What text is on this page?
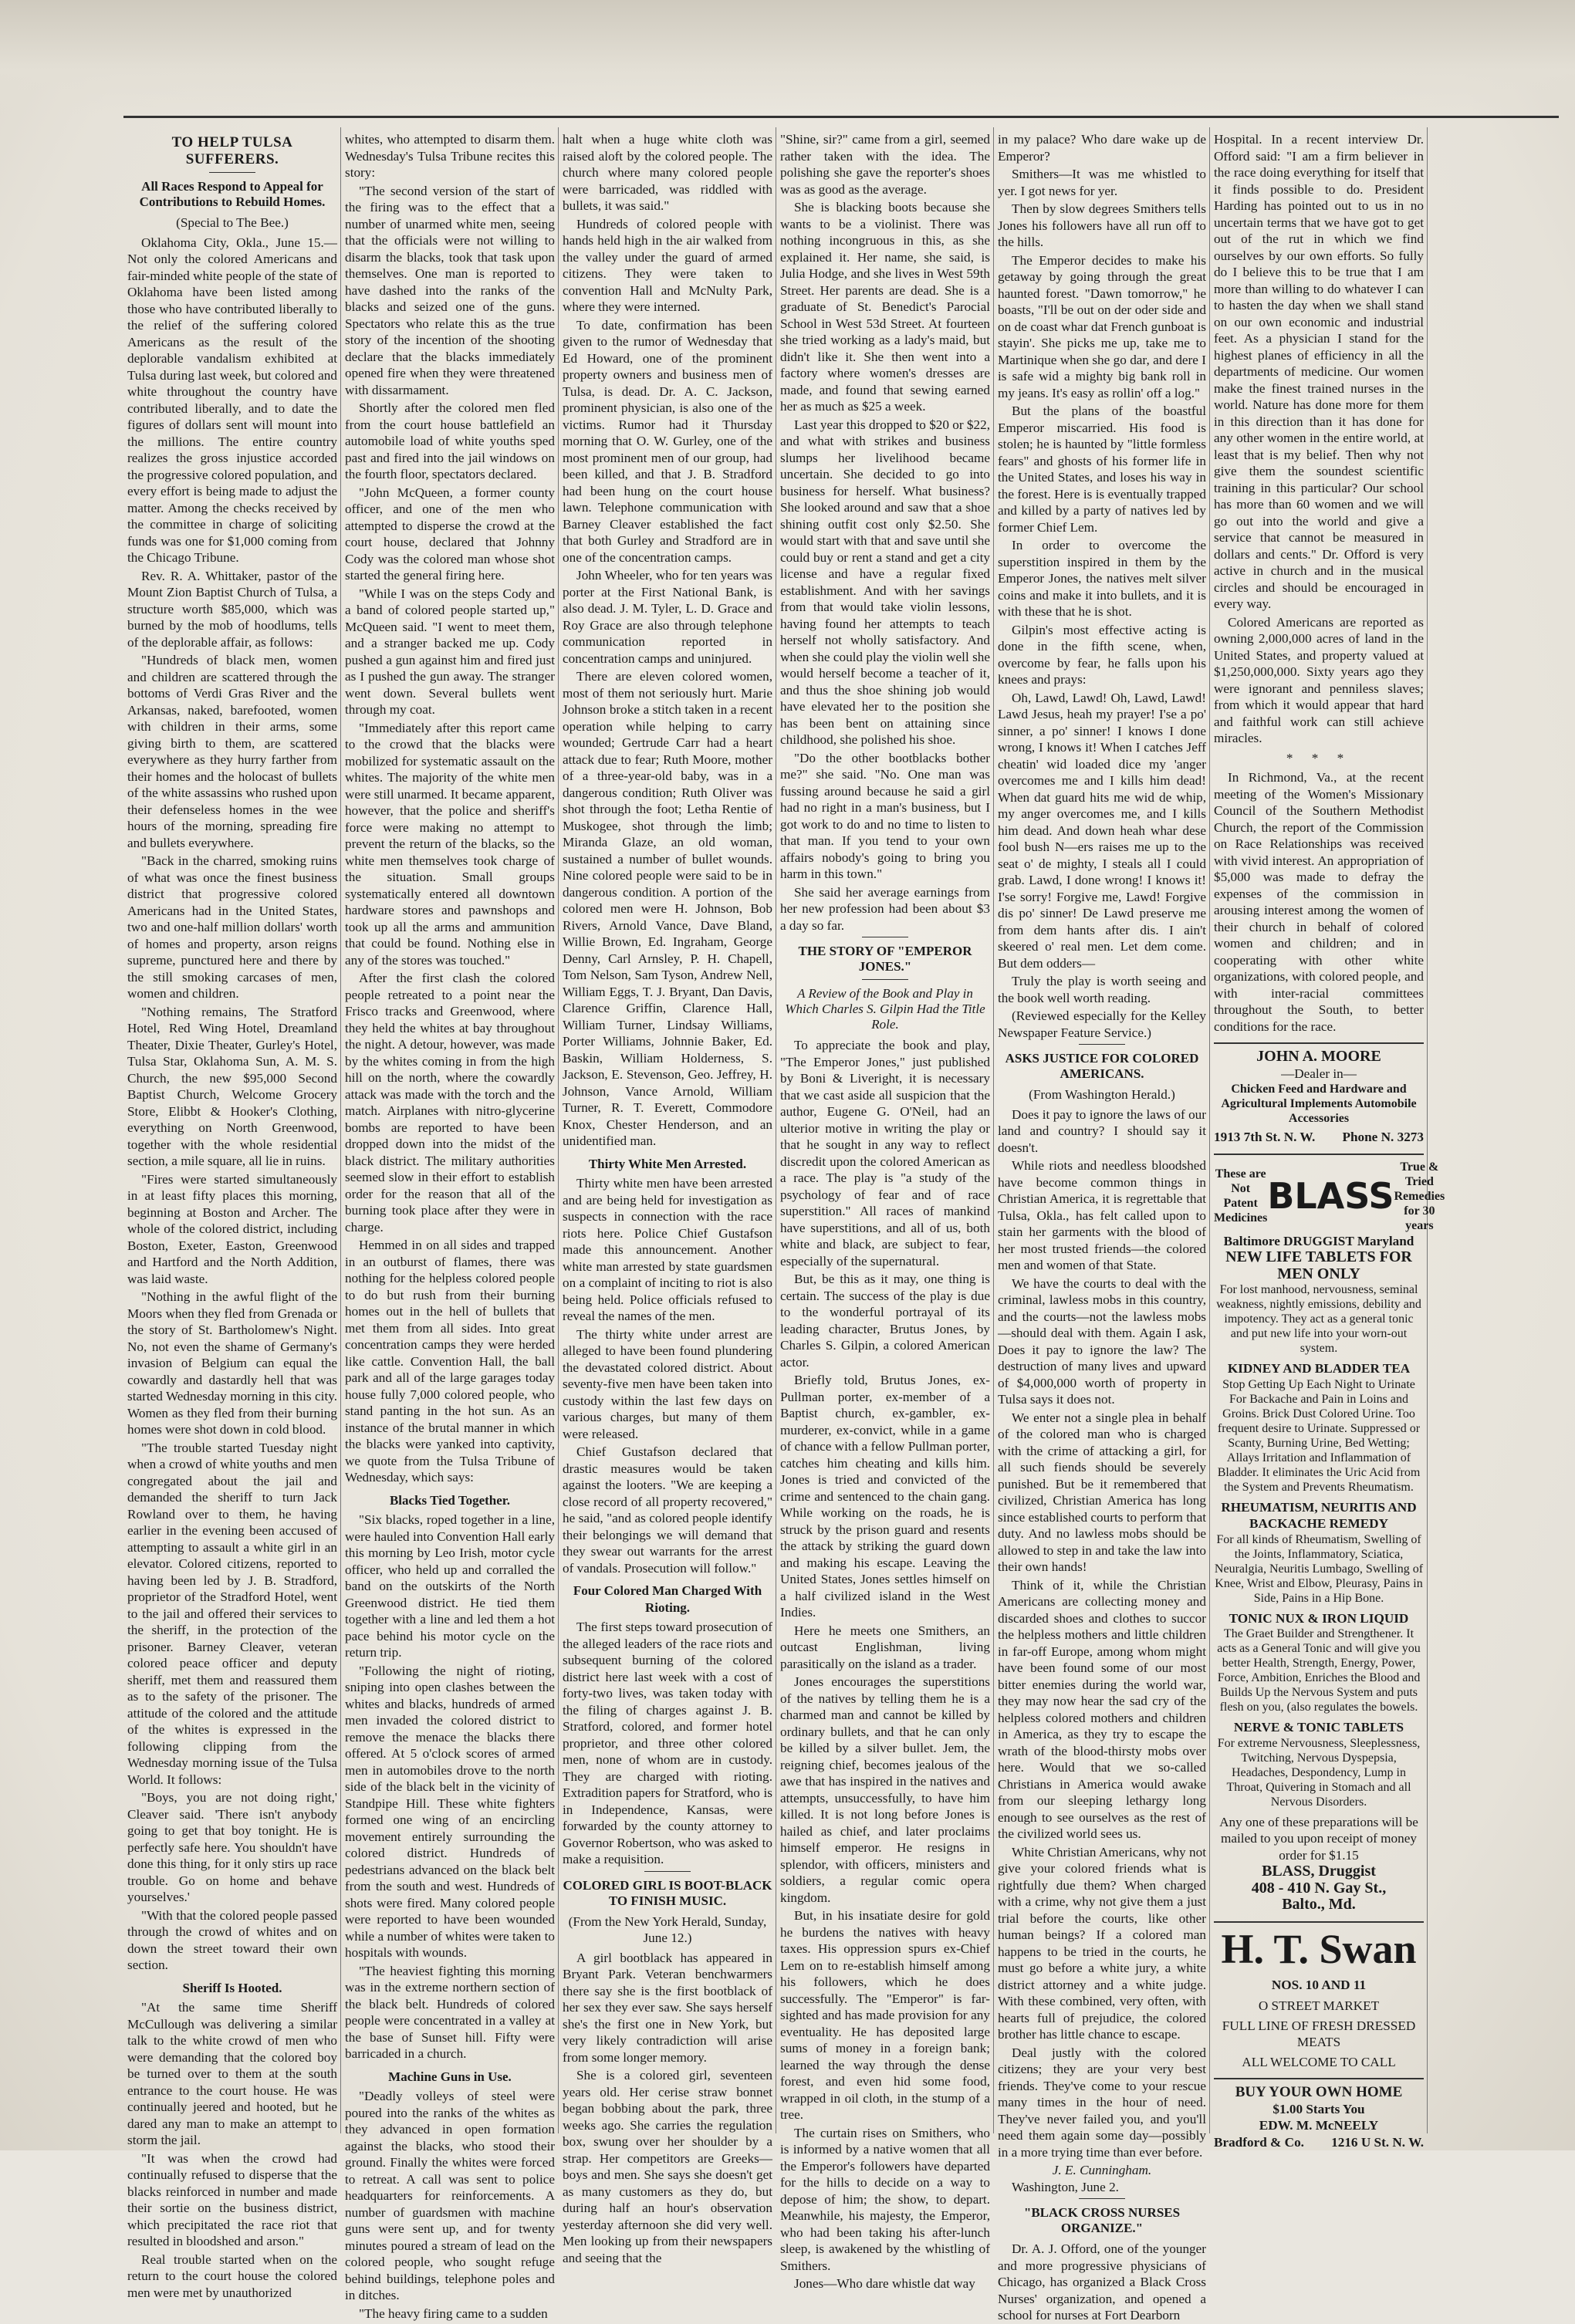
TO HELP TULSA SUFFERERS.
All Races Respond to Appeal for Contributions to Rebuild Homes.
(Special to The Bee.)

Oklahoma City, Okla., June 15.—Not only the colored Americans and fair-minded white people of the state of Oklahoma have been listed among those who have contributed liberally to the relief of the suffering colored Americans as the result of the deplorable vandalism exhibited at Tulsa during last week, but colored and white throughout the country have contributed liberally, and to date the figures of dollars sent will mount into the millions. The entire country realizes the gross injustice accorded the progressive colored population, and every effort is being made to adjust the matter. Among the checks received by the committee in charge of soliciting funds was one for $1,000 coming from the Chicago Tribune.

Rev. R. A. Whittaker, pastor of the Mount Zion Baptist Church of Tulsa, a structure worth $85,000, which was burned by the mob of hoodlums, tells of the deplorable affair, as follows:

"Hundreds of black men, women and children are scattered through the bottoms of Verdi Gras River and the Arkansas, naked, barefooted, women with children in their arms, some giving birth to them, are scattered everywhere as they hurry farther from their homes and the holocast of bullets of the white assassins who rushed upon their defenseless homes in the wee hours of the morning, spreading fire and bullets everywhere.

"Back in the charred, smoking ruins of what was once the finest business district that progressive colored Americans had in the United States, two and one-half million dollars' worth of homes and property, arson reigns supreme, punctured here and there by the still smoking carcases of men, women and children.

"Nothing remains, The Stratford Hotel, Red Wing Hotel, Dreamland Theater, Dixie Theater, Gurley's Hotel, Tulsa Star, Oklahoma Sun, A. M. S. Church, the new $95,000 Second Baptist Church, Welcome Grocery Store, Elibbt & Hooker's Clothing, everything on North Greenwood, together with the whole residential section, a mile square, all lie in ruins.

"Fires were started simultaneously in at least fifty places this morning, beginning at Boston and Archer. The whole of the colored district, including Boston, Exeter, Easton, Greenwood and Hartford and the North Addition, was laid waste.

"Nothing in the awful flight of the Moors when they fled from Grenada or the story of St. Bartholomew's Night. No, not even the shame of Germany's invasion of Belgium can equal the cowardly and dastardly hell that was started Wednesday morning in this city. Women as they fled from their burning homes were shot down in cold blood.

"The trouble started Tuesday night when a crowd of white youths and men congregated about the jail and demanded the sheriff to turn Jack Rowland over to them, he having earlier in the evening been accused of attempting to assault a white girl in an elevator. Colored citizens, reported to having been led by J. B. Stradford, proprietor of the Stradford Hotel, went to the jail and offered their services to the sheriff, in the protection of the prisoner. Barney Cleaver, veteran colored peace officer and deputy sheriff, met them and reassured them as to the safety of the prisoner. The attitude of the colored and the attitude of the whites is expressed in the following clipping from the Wednesday morning issue of the Tulsa World. It follows:

"Boys, you are not doing right,' Cleaver said. 'There isn't anybody going to get that boy tonight. He is perfectly safe here. You shouldn't have done this thing, for it only stirs up race trouble. Go on home and behave yourselves.'

"With that the colored people passed through the crowd of whites and on down the street toward their own section.

Sheriff Is Hooted.

"At the same time Sheriff McCullough was delivering a similar talk to the white crowd of men who were demanding that the colored boy be turned over to them at the south entrance to the court house. He was continually jeered and hooted, but he dared any man to make an attempt to storm the jail.

"It was when the crowd had continually refused to disperse that the blacks reinforced in number and made their sortie on the business district, which precipitated the race riot that resulted in bloodshed and arson."

Real trouble started when on the return to the court house the colored men were met by unauthorized

whites, who attempted to disarm them. Wednesday's Tulsa Tribune recites this story:

"The second version of the start of the firing was to the effect that a number of unarmed white men, seeing that the officials were not willing to disarm the blacks, took that task upon themselves. One man is reported to have dashed into the ranks of the blacks and seized one of the guns. Spectators who relate this as the true story of the incention of the shooting declare that the blacks immediately opened fire when they were threatened with dissarmament.

Shortly after the colored men fled from the court house battlefield an automobile load of white youths sped past and fired into the jail windows on the fourth floor, spectators declared.

"John McQueen, a former county officer, and one of the men who attempted to disperse the crowd at the court house, declared that Johnny Cody was the colored man whose shot started the general firing here.

"While I was on the steps Cody and a band of colored people started up," McQueen said. "I went to meet them, and a stranger backed me up. Cody pushed a gun against him and fired just as I pushed the gun away. The stranger went down. Several bullets went through my coat.

"Immediately after this report came to the crowd that the blacks were mobilized for systematic assault on the whites. The majority of the white men were still unarmed. It became apparent, however, that the police and sheriff's force were making no attempt to prevent the return of the blacks, so the white men themselves took charge of the situation. Small groups systematically entered all downtown hardware stores and pawnshops and took up all the arms and ammunition that could be found. Nothing else in any of the stores was touched."

After the first clash the colored people retreated to a point near the Frisco tracks and Greenwood, where they held the whites at bay throughout the night. A detour, however, was made by the whites coming in from the high hill on the north, where the cowardly attack was made with the torch and the match. Airplanes with nitro-glycerine bombs are reported to have been dropped down into the midst of the black district. The military authorities seemed slow in their effort to establish order for the reason that all of the burning took place after they were in charge.

Hemmed in on all sides and trapped in an outburst of flames, there was nothing for the helpless colored people to do but rush from their burning homes out in the hell of bullets that met them from all sides. Into great concentration camps they were herded like cattle. Convention Hall, the ball park and all of the large garages today house fully 7,000 colored people, who stand panting in the hot sun. As an instance of the brutal manner in which the blacks were yanked into captivity, we quote from the Tulsa Tribune of Wednesday, which says:

Blacks Tied Together.

"Six blacks, roped together in a line, were hauled into Convention Hall early this morning by Leo Irish, motor cycle officer, who held up and corralled the band on the outskirts of the North Greenwood district. He tied them together with a line and led them a hot pace behind his motor cycle on the return trip.

"Following the night of rioting, sniping into open clashes between the whites and blacks, hundreds of armed men invaded the colored district to remove the menace the blacks there offered. At 5 o'clock scores of armed men in automobiles drove to the north side of the black belt in the vicinity of Standpipe Hill. These white fighters formed one wing of an encircling movement entirely surrounding the colored district. Hundreds of pedestrians advanced on the black belt from the south and west. Hundreds of shots were fired. Many colored people were reported to have been wounded while a number of whites were taken to hospitals with wounds.

"The heaviest fighting this morning was in the extreme northern section of the black belt. Hundreds of colored people were concentrated in a valley at the base of Sunset hill. Fifty were barricaded in a church.

Machine Guns in Use.

"Deadly volleys of steel were poured into the ranks of the whites as they advanced in open formation against the blacks, who stood their ground. Finally the whites were forced to retreat. A call was sent to police headquarters for reinforcements. A number of guardsmen with machine guns were sent up, and for twenty minutes poured a stream of lead on the colored people, who sought refuge behind buildings, telephone poles and in ditches.

"The heavy firing came to a sudden

halt when a huge white cloth was raised aloft by the colored people. The church where many colored people were barricaded, was riddled with bullets, it was said."

Hundreds of colored people with hands held high in the air walked from the valley under the guard of armed citizens. They were taken to convention Hall and McNulty Park, where they were interned.

To date, confirmation has been given to the rumor of Wednesday that Ed Howard, one of the prominent property owners and business men of Tulsa, is dead. Dr. A. C. Jackson, prominent physician, is also one of the victims. Rumor had it Thursday morning that O. W. Gurley, one of the most prominent men of our group, had been killed, and that J. B. Stradford had been hung on the court house lawn. Telephone communication with Barney Cleaver established the fact that both Gurley and Stradford are in one of the concentration camps.

John Wheeler, who for ten years was porter at the First National Bank, is also dead. J. M. Tyler, L. D. Grace and Roy Grace are also through telephone communication reported in concentration camps and uninjured.

There are eleven colored women, most of them not seriously hurt. Marie Johnson broke a stitch taken in a recent operation while helping to carry wounded; Gertrude Carr had a heart attack due to fear; Ruth Moore, mother of a three-year-old baby, was in a dangerous condition; Ruth Oliver was shot through the foot; Letha Rentie of Muskogee, shot through the limb; Miranda Glaze, an old woman, sustained a number of bullet wounds. Nine colored people were said to be in dangerous condition. A portion of the colored men were H. Johnson, Bob Rivers, Arnold Vance, Dave Bland, Willie Brown, Ed. Ingraham, George Denny, Carl Arnsley, P. H. Chapell, Tom Nelson, Sam Tyson, Andrew Nell, William Eggs, T. J. Bryant, Dan Davis, Clarence Griffin, Clarence Hall, William Turner, Lindsay Williams, Porter Williams, Johnnie Baker, Ed. Baskin, William Holderness, S. Jackson, E. Stevenson, Geo. Jeffrey, H. Johnson, Vance Arnold, William Turner, R. T. Everett, Commodore Knox, Chester Henderson, and an unidentified man.

Thirty White Men Arrested.

Thirty white men have been arrested and are being held for investigation as suspects in connection with the race riots here. Police Chief Gustafson made this announcement. Another white man arrested by state guardsmen on a complaint of inciting to riot is also being held. Police officials refused to reveal the names of the men.

The thirty white under arrest are alleged to have been found plundering the devastated colored district. About seventy-five men have been taken into custody within the last few days on various charges, but many of them were released.

Chief Gustafson declared that drastic measures would be taken against the looters. "We are keeping a close record of all property recovered," he said, "and as colored people identify their belongings we will demand that they swear out warrants for the arrest of vandals. Prosecution will follow."

Four Colored Man Charged With Rioting.

The first steps toward prosecution of the alleged leaders of the race riots and subsequent burning of the colored district here last week with a cost of forty-two lives, was taken today with the filing of charges against J. B. Stratford, colored, and former hotel proprietor, and three other colored men, none of whom are in custody. They are charged with rioting. Extradition papers for Stratford, who is in Independence, Kansas, were forwarded by the county attorney to Governor Robertson, who was asked to make a requisition.

COLORED GIRL IS BOOT-BLACK TO FINISH MUSIC.
(From the New York Herald, Sunday, June 12.)

A girl bootblack has appeared in Bryant Park. Veteran benchwarmers there say she is the first bootblack of her sex they ever saw. She says herself she's the first one in New York, but very likely contradiction will arise from some longer memory.

She is a colored girl, seventeen years old. Her cerise straw bonnet began bobbing about the park, three weeks ago. She carries the regulation box, swung over her shoulder by a strap. Her competitors are Greeks—boys and men. She says she doesn't get as many customers as they do, but during half an hour's observation yesterday afternoon she did very well. Men looking up from their newspapers and seeing that the

"Shine, sir?" came from a girl, seemed rather taken with the idea. The polishing she gave the reporter's shoes was as good as the average.

She is blacking boots because she wants to be a violinist. There was nothing incongruous in this, as she explained it. Her name, she said, is Julia Hodge, and she lives in West 59th Street. Her parents are dead. She is a graduate of St. Benedict's Parocial School in West 53d Street. At fourteen she tried working as a lady's maid, but didn't like it. She then went into a factory where women's dresses are made, and found that sewing earned her as much as $25 a week.

Last year this dropped to $20 or $22, and what with strikes and business slumps her livelihood became uncertain. She decided to go into business for herself. What business? She looked around and saw that a shoe shining outfit cost only $2.50. She would start with that and save until she could buy or rent a stand and get a city license and have a regular fixed establishment. And with her savings from that would take violin lessons, having found her attempts to teach herself not wholly satisfactory. And when she could play the violin well she would herself become a teacher of it, and thus the shoe shining job would have elevated her to the position she has been bent on attaining since childhood, she polished his shoe.

"Do the other bootblacks bother me?" she said. "No. One man was fussing around because he said a girl had no right in a man's business, but I got work to do and no time to listen to that man. If you tend to your own affairs nobody's going to bring you harm in this town."

She said her average earnings from her new profession had been about $3 a day so far.

THE STORY OF "EMPEROR JONES."
A Review of the Book and Play in Which Charles S. Gilpin Had the Title Role.

To appreciate the book and play, "The Emperor Jones," just published by Boni & Liveright, it is necessary that we cast aside all suspicion that the author, Eugene G. O'Neil, had an ulterior motive in writing the play or that he sought in any way to reflect discredit upon the colored American as a race. The play is "a study of the psychology of fear and of race superstition." All races of mankind have superstitions, and all of us, both white and black, are subject to fear, especially of the supernatural.

But, be this as it may, one thing is certain. The success of the play is due to the wonderful portrayal of its leading character, Brutus Jones, by Charles S. Gilpin, a colored American actor.

Briefly told, Brutus Jones, ex-Pullman porter, ex-member of a Baptist church, ex-gambler, ex-murderer, ex-convict, while in a game of chance with a fellow Pullman porter, catches him cheating and kills him. Jones is tried and convicted of the crime and sentenced to the chain gang. While working on the roads, he is struck by the prison guard and resents the attack by striking the guard down and making his escape. Leaving the United States, Jones settles himself on a half civilized island in the West Indies.

Here he meets one Smithers, an outcast Englishman, living parasitically on the island as a trader.

Jones encourages the superstitions of the natives by telling them he is a charmed man and cannot be killed by ordinary bullets, and that he can only be killed by a silver bullet. Jem, the reigning chief, becomes jealous of the awe that has inspired in the natives and attempts, unsuccessfully, to have him killed. It is not long before Jones is hailed as chief, and later proclaims himself emperor. He resigns in splendor, with officers, ministers and soldiers, a regular comic opera kingdom.

But, in his insatiate desire for gold he burdens the natives with heavy taxes. His oppression spurs ex-Chief Lem on to re-establish himself among his followers, which he does successfully. The "Emperor" is far-sighted and has made provision for any eventuality. He has deposited large sums of money in a foreign bank; learned the way through the dense forest, and even hid some food, wrapped in oil cloth, in the stump of a tree.

The curtain rises on Smithers, who is informed by a native women that all the Emperor's followers have departed for the hills to decide on a way to depose of him; the show, to depart. Meanwhile, his majesty, the Emperor, who had been taking his after-lunch sleep, is awakened by the whistling of Smithers.

Jones—Who dare whistle dat way

in my palace? Who dare wake up de Emperor?

Smithers—It was me whistled to yer. I got news for yer.

Then by slow degrees Smithers tells Jones his followers have all run off to the hills.

The Emperor decides to make his getaway by going through the great haunted forest. "Dawn tomorrow," he boasts, "I'll be out on der oder side and on de coast whar dat French gunboat is stayin'. She picks me up, take me to Martinique when she go dar, and dere I is safe wid a mighty big bank roll in my jeans. It's easy as rollin' off a log."

But the plans of the boastful Emperor miscarried. His food is stolen; he is haunted by "little formless fears" and ghosts of his former life in the United States, and loses his way in the forest. Here is is eventually trapped and killed by a party of natives led by former Chief Lem.

In order to overcome the superstition inspired in them by the Emperor Jones, the natives melt silver coins and make it into bullets, and it is with these that he is shot.

Gilpin's most effective acting is done in the fifth scene, when, overcome by fear, he falls upon his knees and prays:

Oh, Lawd, Lawd! Oh, Lawd, Lawd! Lawd Jesus, heah my prayer! I'se a po' sinner, a po' sinner! I knows I done wrong, I knows it! When I catches Jeff cheatin' wid loaded dice my 'anger overcomes me and I kills him dead! When dat guard hits me wid de whip, my anger overcomes me, and I kills him dead. And down heah whar dese fool bush N—ers raises me up to the seat o' de mighty, I steals all I could grab. Lawd, I done wrong! I knows it! I'se sorry! Forgive me, Lawd! Forgive dis po' sinner! De Lawd preserve me from dem hants after dis. I ain't skeered o' real men. Let dem come. But dem odders—

Truly the play is worth seeing and the book well worth reading.

(Reviewed especially for the Kelley Newspaper Feature Service.)

ASKS JUSTICE FOR COLORED AMERICANS.
(From Washington Herald.)

Does it pay to ignore the laws of our land and country? I should say it doesn't.

While riots and needless bloodshed have become common things in Christian America, it is regrettable that Tulsa, Okla., has felt called upon to stain her garments with the blood of her most trusted friends—the colored men and women of that State.

We have the courts to deal with the criminal, lawless mobs in this country, and the courts—not the lawless mobs—should deal with them. Again I ask, Does it pay to ignore the law? The destruction of many lives and upward of $4,000,000 worth of property in Tulsa says it does not.

We enter not a single plea in behalf of the colored man who is charged with the crime of attacking a girl, for all such fiends should be severely punished. But be it remembered that civilized, Christian America has long since established courts to perform that duty. And no lawless mobs should be allowed to step in and take the law into their own hands!

Think of it, while the Christian Americans are collecting money and discarded shoes and clothes to succor the helpless mothers and little children in far-off Europe, among whom might have been found some of our most bitter enemies during the world war, they may now hear the sad cry of the helpless colored mothers and children in America, as they try to escape the wrath of the blood-thirsty mobs over here. Would that we so-called Christians in America would awake from our sleeping lethargy long enough to see ourselves as the rest of the civilized world sees us.

White Christian Americans, why not give your colored friends what is rightfully due them? When charged with a crime, why not give them a just trial before the courts, like other human beings? If a colored man happens to be tried in the courts, he must go before a white jury, a white district attorney and a white judge. With these combined, very often, with hearts full of prejudice, the colored brother has little chance to escape.

Deal justly with the colored citizens; they are your very best friends. They've come to your rescue many times in the hour of need. They've never failed you, and you'll need them again some day—possibly in a more trying time than ever before.

J. E. Cunningham.

Washington, June 2.

"BLACK CROSS NURSES ORGANIZE."

Dr. A. J. Offord, one of the younger and more progressive physicians of Chicago, has organized a Black Cross Nurses' organization, and opened a school for nurses at Fort Dearborn

Hospital. In a recent interview Dr. Offord said: "I am a firm believer in the race doing everything for itself that it finds possible to do. President Harding has pointed out to us in no uncertain terms that we have got to get out of the rut in which we find ourselves by our own efforts. So fully do I believe this to be true that I am more than willing to do whatever I can to hasten the day when we shall stand on our own economic and industrial feet. As a physician I stand for the highest planes of efficiency in all the departments of medicine. Our women make the finest trained nurses in the world. Nature has done more for them in this direction than it has done for any other women in the entire world, at least that is my belief. Then why not give them the soundest scientific training in this particular? Our school has more than 60 women and we will go out into the world and give a service that cannot be measured in dollars and cents." Dr. Offord is very active in church and in the musical circles and should be encouraged in every way.

Colored Americans are reported as owning 2,000,000 acres of land in the United States, and property valued at $1,250,000,000. Sixty years ago they were ignorant and penniless slaves; from which it would appear that hard and faithful work can still achieve miracles.

* * *

In Richmond, Va., at the recent meeting of the Women's Missionary Council of the Southern Methodist Church, the report of the Commission on Race Relationships was received with vivid interest. An appropriation of $5,000 was made to defray the expenses of the commission in arousing interest among the women of their church in behalf of colored women and children; and in cooperating with other white organizations, with colored people, and with inter-racial committees throughout the South, to better conditions for the race.

JOHN A. MOORE
—Dealer in—
Chicken Feed and Hardware and Agricultural Implements Automobile Accessories
1913 7th St. N. W. Phone N. 3273
These are Not Patent Medicines
BLASS
True & Tried Remedies for 30 years
Baltimore DRUGGIST Maryland
NEW LIFE TABLETS FOR MEN ONLY
For lost manhood, nervousness, seminal weakness, nightly emissions, debility and impotency. They act as a general tonic and put new life into your worn-out system.
KIDNEY AND BLADDER TEA
Stop Getting Up Each Night to Urinate
For Backache and Pain in Loins and Groins. Brick Dust Colored Urine. Too frequent desire to Urinate. Suppressed or Scanty, Burning Urine, Bed Wetting; Allays Irritation and Inflammation of Bladder. It eliminates the Uric Acid from the System and Prevents Rheumatism.
RHEUMATISM, NEURITIS AND BACKACHE REMEDY
For all kinds of Rheumatism, Swelling of the Joints, Inflammatory, Sciatica, Neuralgia, Neuritis Lumbago, Swelling of Knee, Wrist and Elbow, Pleurasy, Pains in Side, Pains in a Hip Bone.
TONIC NUX & IRON LIQUID
The Graet Builder and Strengthener. It acts as a General Tonic and will give you better Health, Strength, Energy, Power, Force, Ambition, Enriches the Blood and Builds Up the Nervous System and puts flesh on you, (also regulates the bowels.
NERVE & TONIC TABLETS
For extreme Nervousness, Sleeplessness, Twitching, Nervous Dyspepsia, Headaches, Despondency, Lump in Throat, Quivering in Stomach and all Nervous Disorders.
Any one of these preparations will be mailed to you upon receipt of money order for $1.15
BLASS, Druggist
408 - 410 N. Gay St.,
Balto., Md.
H. T. Swan
NOS. 10 AND 11
O STREET MARKET
FULL LINE OF FRESH DRESSED MEATS
ALL WELCOME TO CALL
BUY YOUR OWN HOME
$1.00 Starts You
EDW. M. McNEELY
Bradford & Co. 1216 U St. N. W.
